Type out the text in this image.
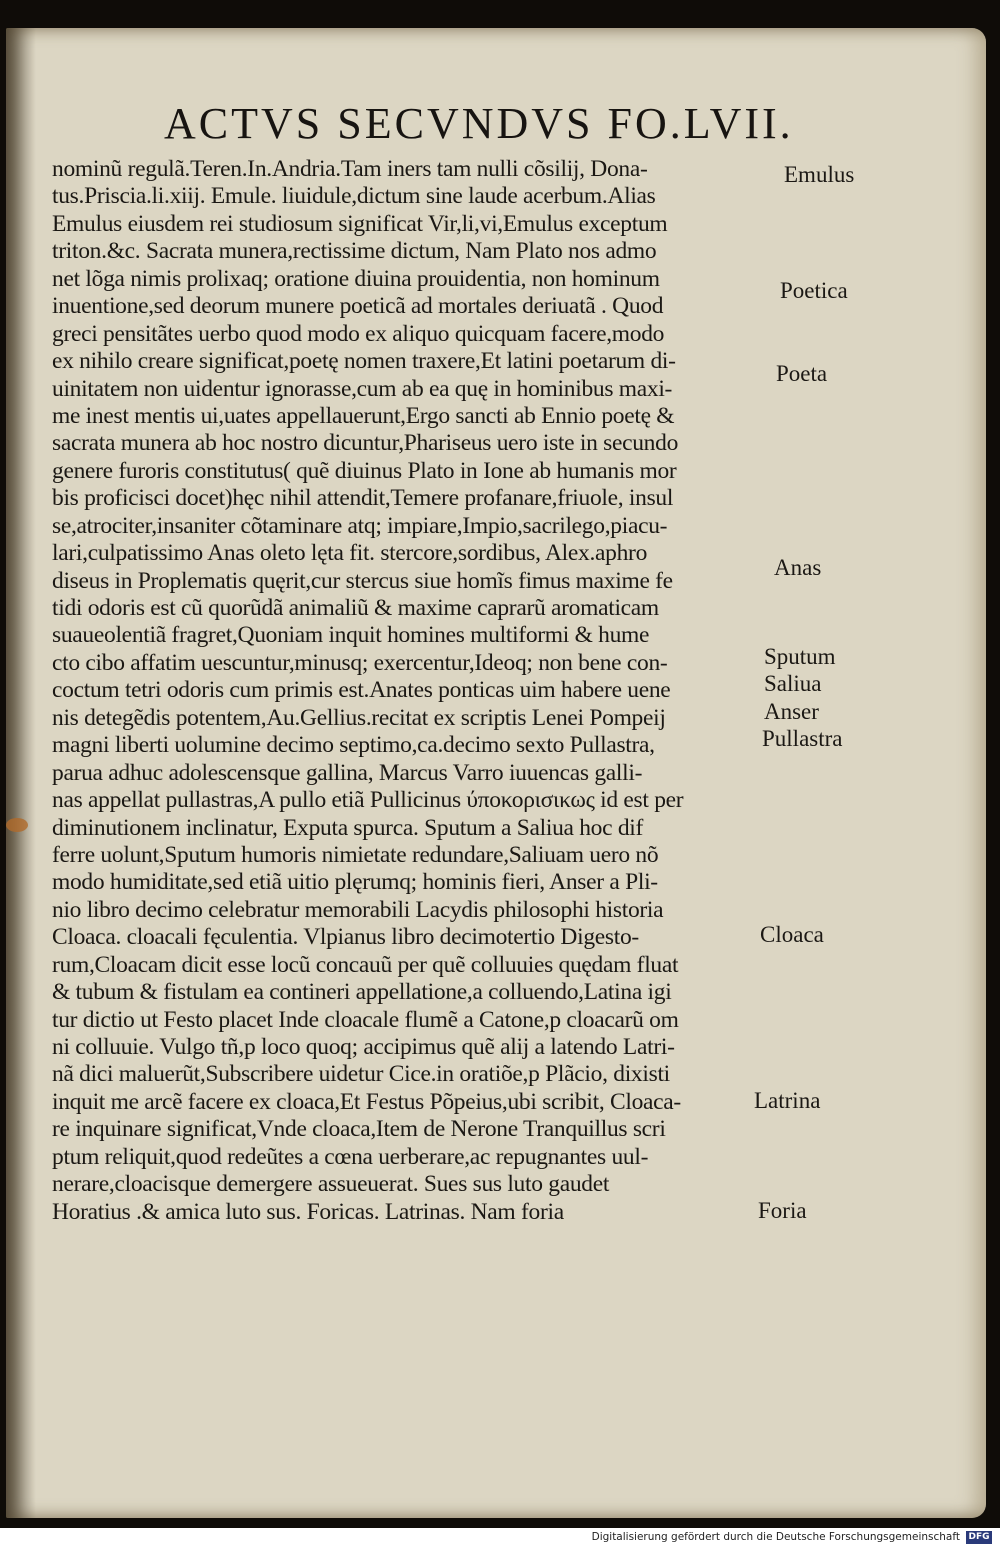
ACTVS SECVNDVS FO.LVII.
nominũ regulã.Teren.In.Andria.Tam iners tam nulli cõsilij, Dona-
tus.Priscia.li.xiij. Emule. liuidule,dictum sine laude acerbum.Alias
Emulus eiusdem rei studiosum significat Vir,li,vi,Emulus exceptum
triton.&c. Sacrata munera,rectissime dictum, Nam Plato nos admo
net lõga nimis prolixaq; oratione diuina prouidentia, non hominum
inuentione,sed deorum munere poeticã ad mortales deriuatã . Quod
greci pensitãtes uerbo quod modo ex aliquo quicquam facere,modo
ex nihilo creare significat,poetę nomen traxere,Et latini poetarum di-
uinitatem non uidentur ignorasse,cum ab ea quę in hominibus maxi-
me inest mentis ui,uates appellauerunt,Ergo sancti ab Ennio poetę &
sacrata munera ab hoc nostro dicuntur,Phariseus uero iste in secundo
genere furoris constitutus( quẽ diuinus Plato in Ione ab humanis mor
bis proficisci docet)hęc nihil attendit,Temere profanare,friuole, insul
se,atrociter,insaniter cõtaminare atq; impiare,Impio,sacrilego,piacu-
lari,culpatissimo Anas oleto lęta fit. stercore,sordibus, Alex.aphro
diseus in Proplematis quęrit,cur stercus siue homĩs fimus maxime fe
tidi odoris est cũ quorũdã animaliũ & maxime caprarũ aromaticam
suaueolentiã fragret,Quoniam inquit homines multiformi & hume
cto cibo affatim uescuntur,minusq; exercentur,Ideoq; non bene con-
coctum tetri odoris cum primis est.Anates ponticas uim habere uene
nis detegẽdis potentem,Au.Gellius.recitat ex scriptis Lenei Pompeij
magni liberti uolumine decimo septimo,ca.decimo sexto Pullastra,
parua adhuc adolescensque gallina, Marcus Varro iuuencas galli-
nas appellat pullastras,A pullo etiã Pullicinus ύποκορισικως id est per
diminutionem inclinatur, Exputa spurca. Sputum a Saliua hoc dif
ferre uolunt,Sputum humoris nimietate redundare,Saliuam uero nõ
modo humiditate,sed etiã uitio plęrumq; hominis fieri, Anser a Pli-
nio libro decimo celebratur memorabili Lacydis philosophi historia
Cloaca. cloacali fęculentia. Vlpianus libro decimotertio Digesto-
rum,Cloacam dicit esse locũ concauũ per quẽ colluuies quędam fluat
& tubum & fistulam ea contineri appellatione,a colluendo,Latina igi
tur dictio ut Festo placet Inde cloacale flumẽ a Catone,p cloacarũ om
ni colluuie. Vulgo tñ,p loco quoq; accipimus quẽ alij a latendo Latri-
nã dici maluerũt,Subscribere uidetur Cice.in oratiõe,p Plãcio, dixisti
inquit me arcẽ facere ex cloaca,Et Festus Põpeius,ubi scribit, Cloaca-
re inquinare significat,Vnde cloaca,Item de Nerone Tranquillus scri
ptum reliquit,quod redeũtes a cœna uerberare,ac repugnantes uul-
nerare,cloacisque demergere assueuerat. Sues sus luto gaudet
Horatius .& amica luto sus. Foricas. Latrinas. Nam foria
Emulus
Poetica
Poeta
Anas
Sputum
Saliua
Anser
Pullastra
Cloaca
Latrina
Foria
Digitalisierung gefördert durch die Deutsche Forschungsgemeinschaft DFG
